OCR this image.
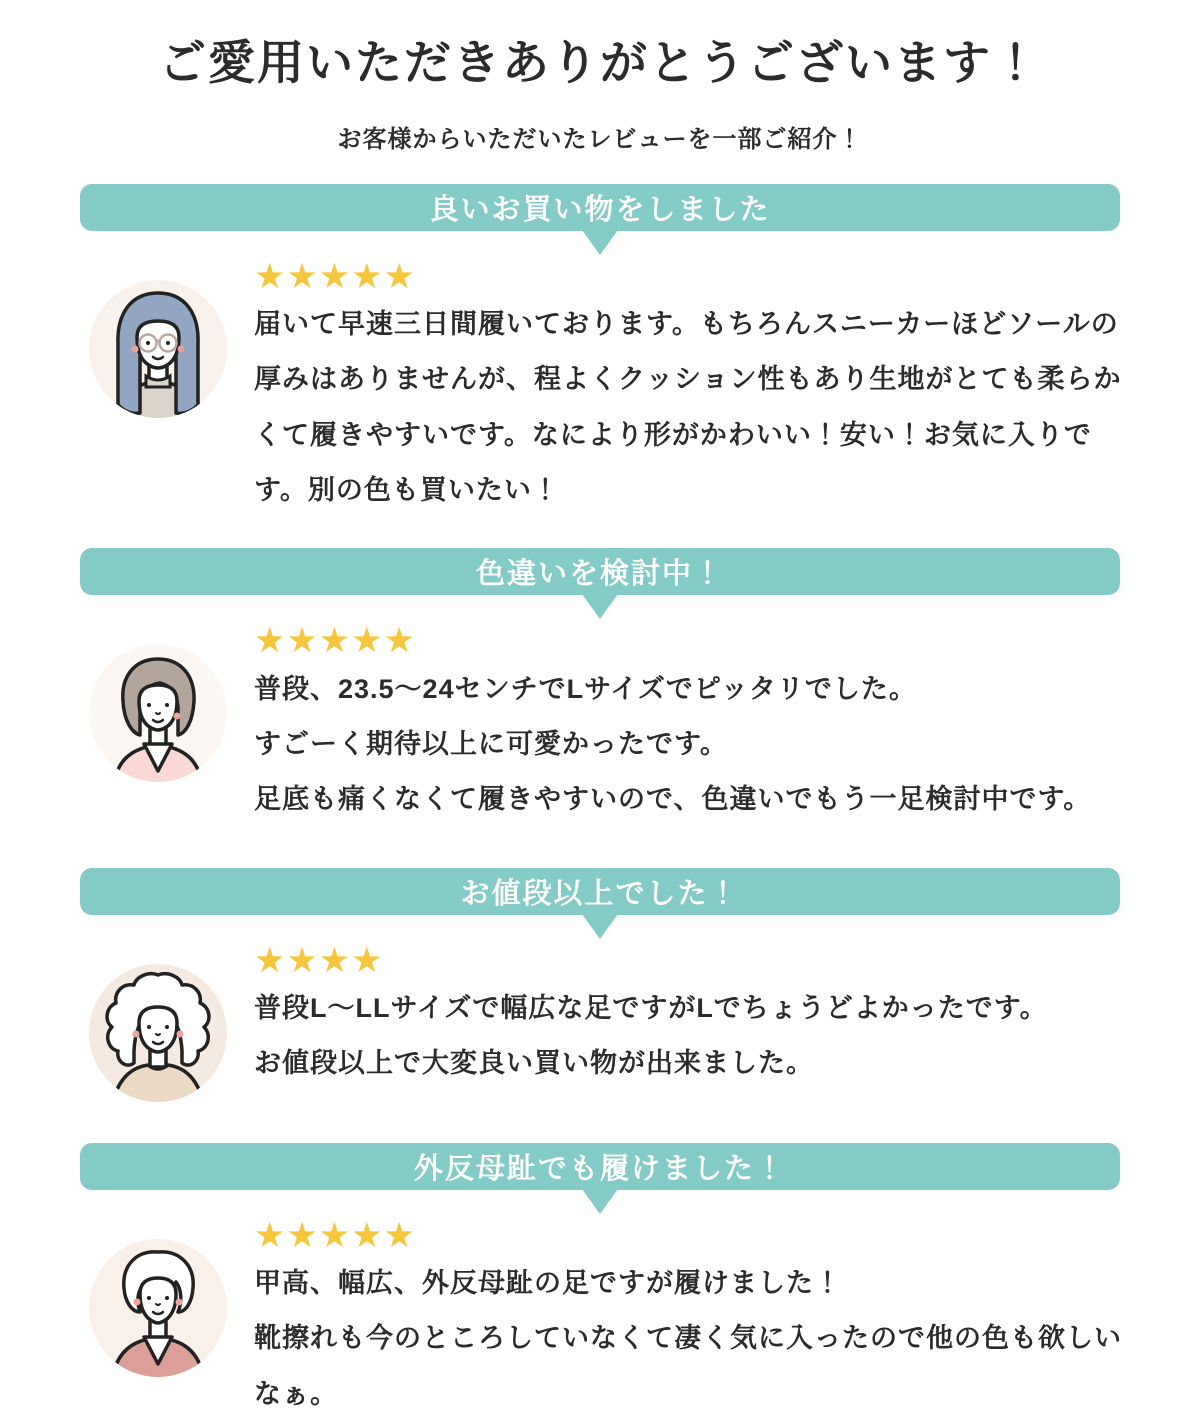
ご愛用いただきありがとうございます！

お客様からいただいたレビューを一部ご紹介！

良いお買い物をしました
★★★★★

届いて早速三日間履いております。もちろんスニーカーほどソールの厚みはありませんが、程よくクッション性もあり生地がとても柔らかくて履きやすいです。なにより形がかわいい！安い！お気に入りです。別の色も買いたい！

色違いを検討中！
★★★★★

普段、23.5〜24センチでLサイズでピッタリでした。

すごーく期待以上に可愛かったです。

足底も痛くなくて履きやすいので、色違いでもう一足検討中です。

お値段以上でした！
★★★★

普段L〜LLサイズで幅広な足ですがLでちょうどよかったです。

お値段以上で大変良い買い物が出来ました。

外反母趾でも履けました！
★★★★★

甲高、幅広、外反母趾の足ですが履けました！

靴擦れも今のところしていなくて凄く気に入ったので他の色も欲しいなぁ。
